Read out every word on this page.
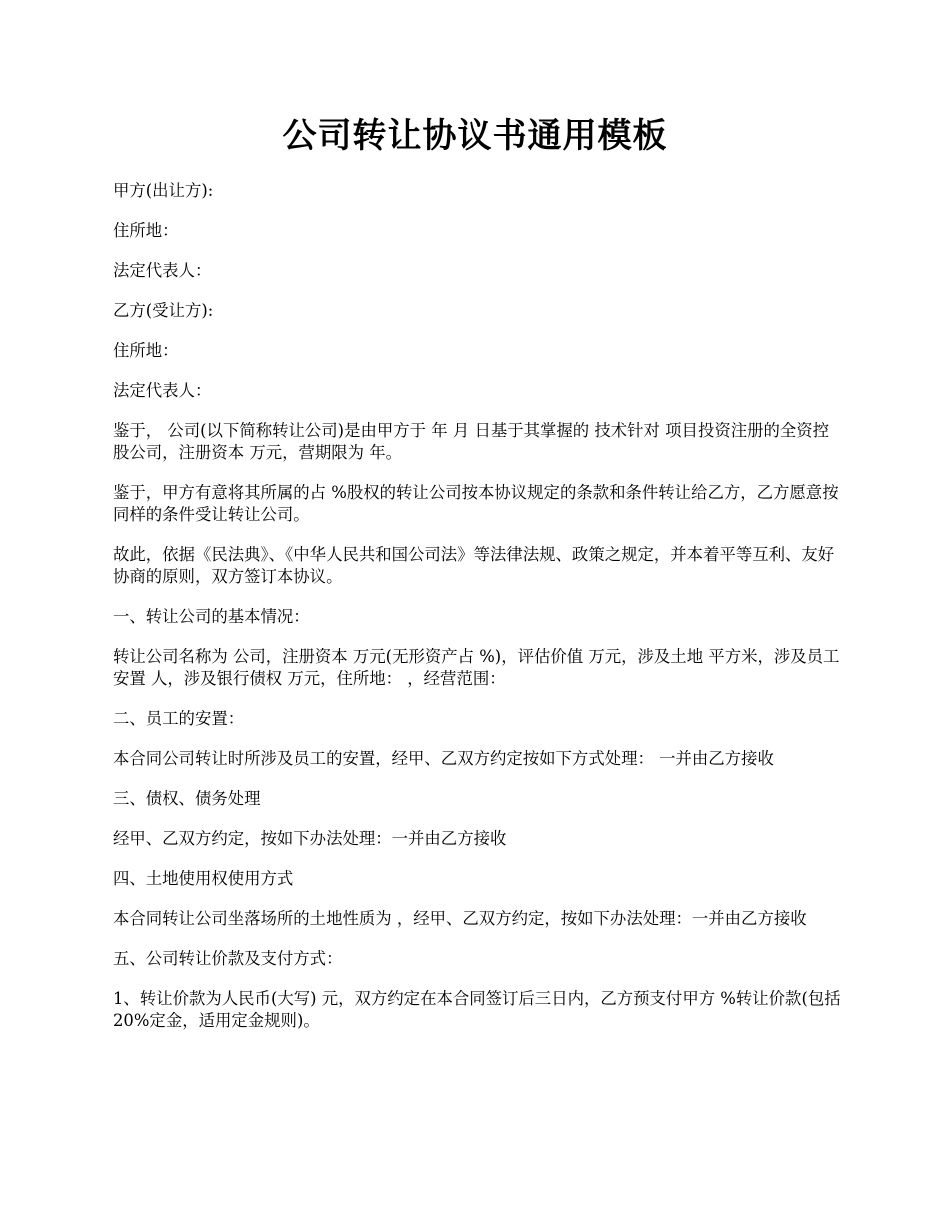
公司转让协议书通用模板

甲方(出让方):

住所地：

法定代表人：

乙方(受让方):

住所地：

法定代表人：

鉴于， 公司(以下简称转让公司)是由甲方于 年 月 日基于其掌握的 技术针对 项目投资注册的全资控股公司，注册资本 万元，营期限为 年。

鉴于，甲方有意将其所属的占 %股权的转让公司按本协议规定的条款和条件转让给乙方，乙方愿意按同样的条件受让转让公司。

故此，依据《民法典》、《中华人民共和国公司法》等法律法规、政策之规定，并本着平等互利、友好协商的原则，双方签订本协议。

一、转让公司的基本情况：

转让公司名称为 公司，注册资本 万元(无形资产占 %)，评估价值 万元，涉及土地 平方米，涉及员工安置 人，涉及银行债权 万元，住所地： ，经营范围：

二、员工的安置：

本合同公司转让时所涉及员工的安置，经甲、乙双方约定按如下方式处理： 一并由乙方接收

三、债权、债务处理

经甲、乙双方约定，按如下办法处理：一并由乙方接收

四、土地使用权使用方式

本合同转让公司坐落场所的土地性质为 ，经甲、乙双方约定，按如下办法处理：一并由乙方接收

五、公司转让价款及支付方式：

1、转让价款为人民币(大写) 元，双方约定在本合同签订后三日内，乙方预支付甲方 %转让价款(包括 20%定金，适用定金规则)。
